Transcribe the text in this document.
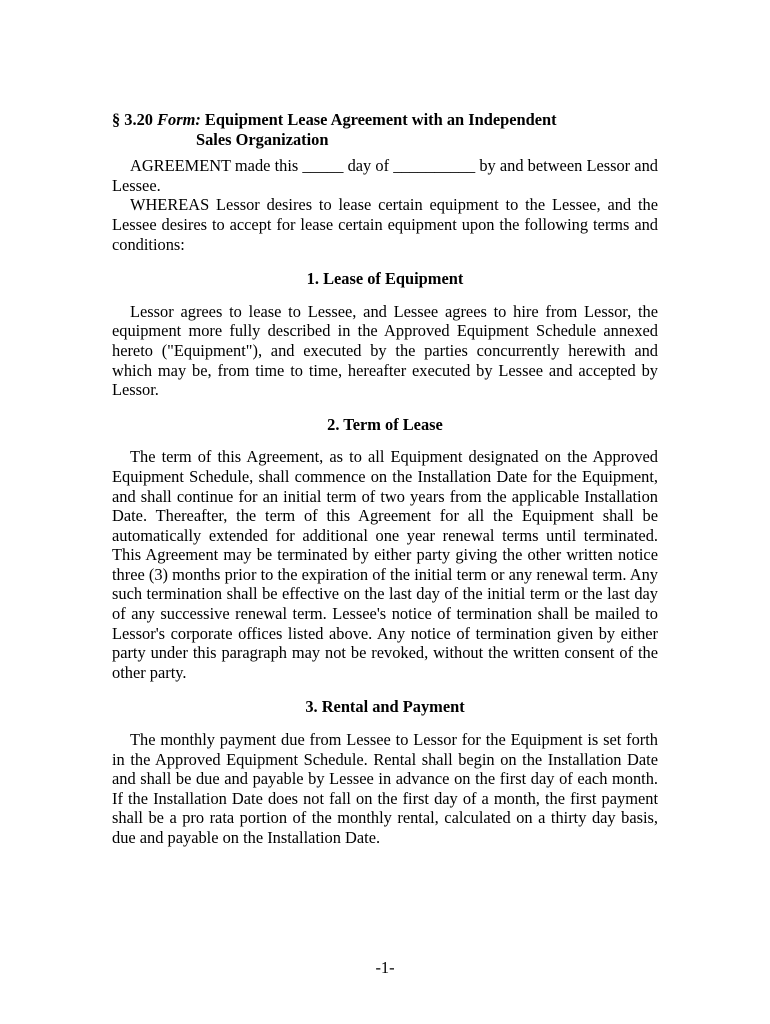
§ 3.20 Form: Equipment Lease Agreement with an Independent
Sales Organization

AGREEMENT made this _____ day of __________ by and between Lessor and Lessee.

WHEREAS Lessor desires to lease certain equipment to the Lessee, and the Lessee desires to accept for lease certain equipment upon the following terms and conditions:

1. Lease of Equipment

Lessor agrees to lease to Lessee, and Lessee agrees to hire from Lessor, the equipment more fully described in the Approved Equipment Schedule annexed hereto ("Equipment"), and executed by the parties concurrently herewith and which may be, from time to time, hereafter executed by Lessee and accepted by Lessor.

2. Term of Lease

The term of this Agreement, as to all Equipment designated on the Approved Equipment Schedule, shall commence on the Installation Date for the Equipment, and shall continue for an initial term of two years from the applicable Installation Date. Thereafter, the term of this Agreement for all the Equipment shall be automatically extended for additional one year renewal terms until terminated. This Agreement may be terminated by either party giving the other written notice three (3) months prior to the expiration of the initial term or any renewal term. Any such termination shall be effective on the last day of the initial term or the last day of any successive renewal term. Lessee's notice of termination shall be mailed to Lessor's corporate offices listed above. Any notice of termination given by either party under this paragraph may not be revoked, without the written consent of the other party.

3. Rental and Payment

The monthly payment due from Lessee to Lessor for the Equipment is set forth in the Approved Equipment Schedule. Rental shall begin on the Installation Date and shall be due and payable by Lessee in advance on the first day of each month. If the Installation Date does not fall on the first day of a month, the first payment shall be a pro rata portion of the monthly rental, calculated on a thirty day basis, due and payable on the Installation Date.

-1-
